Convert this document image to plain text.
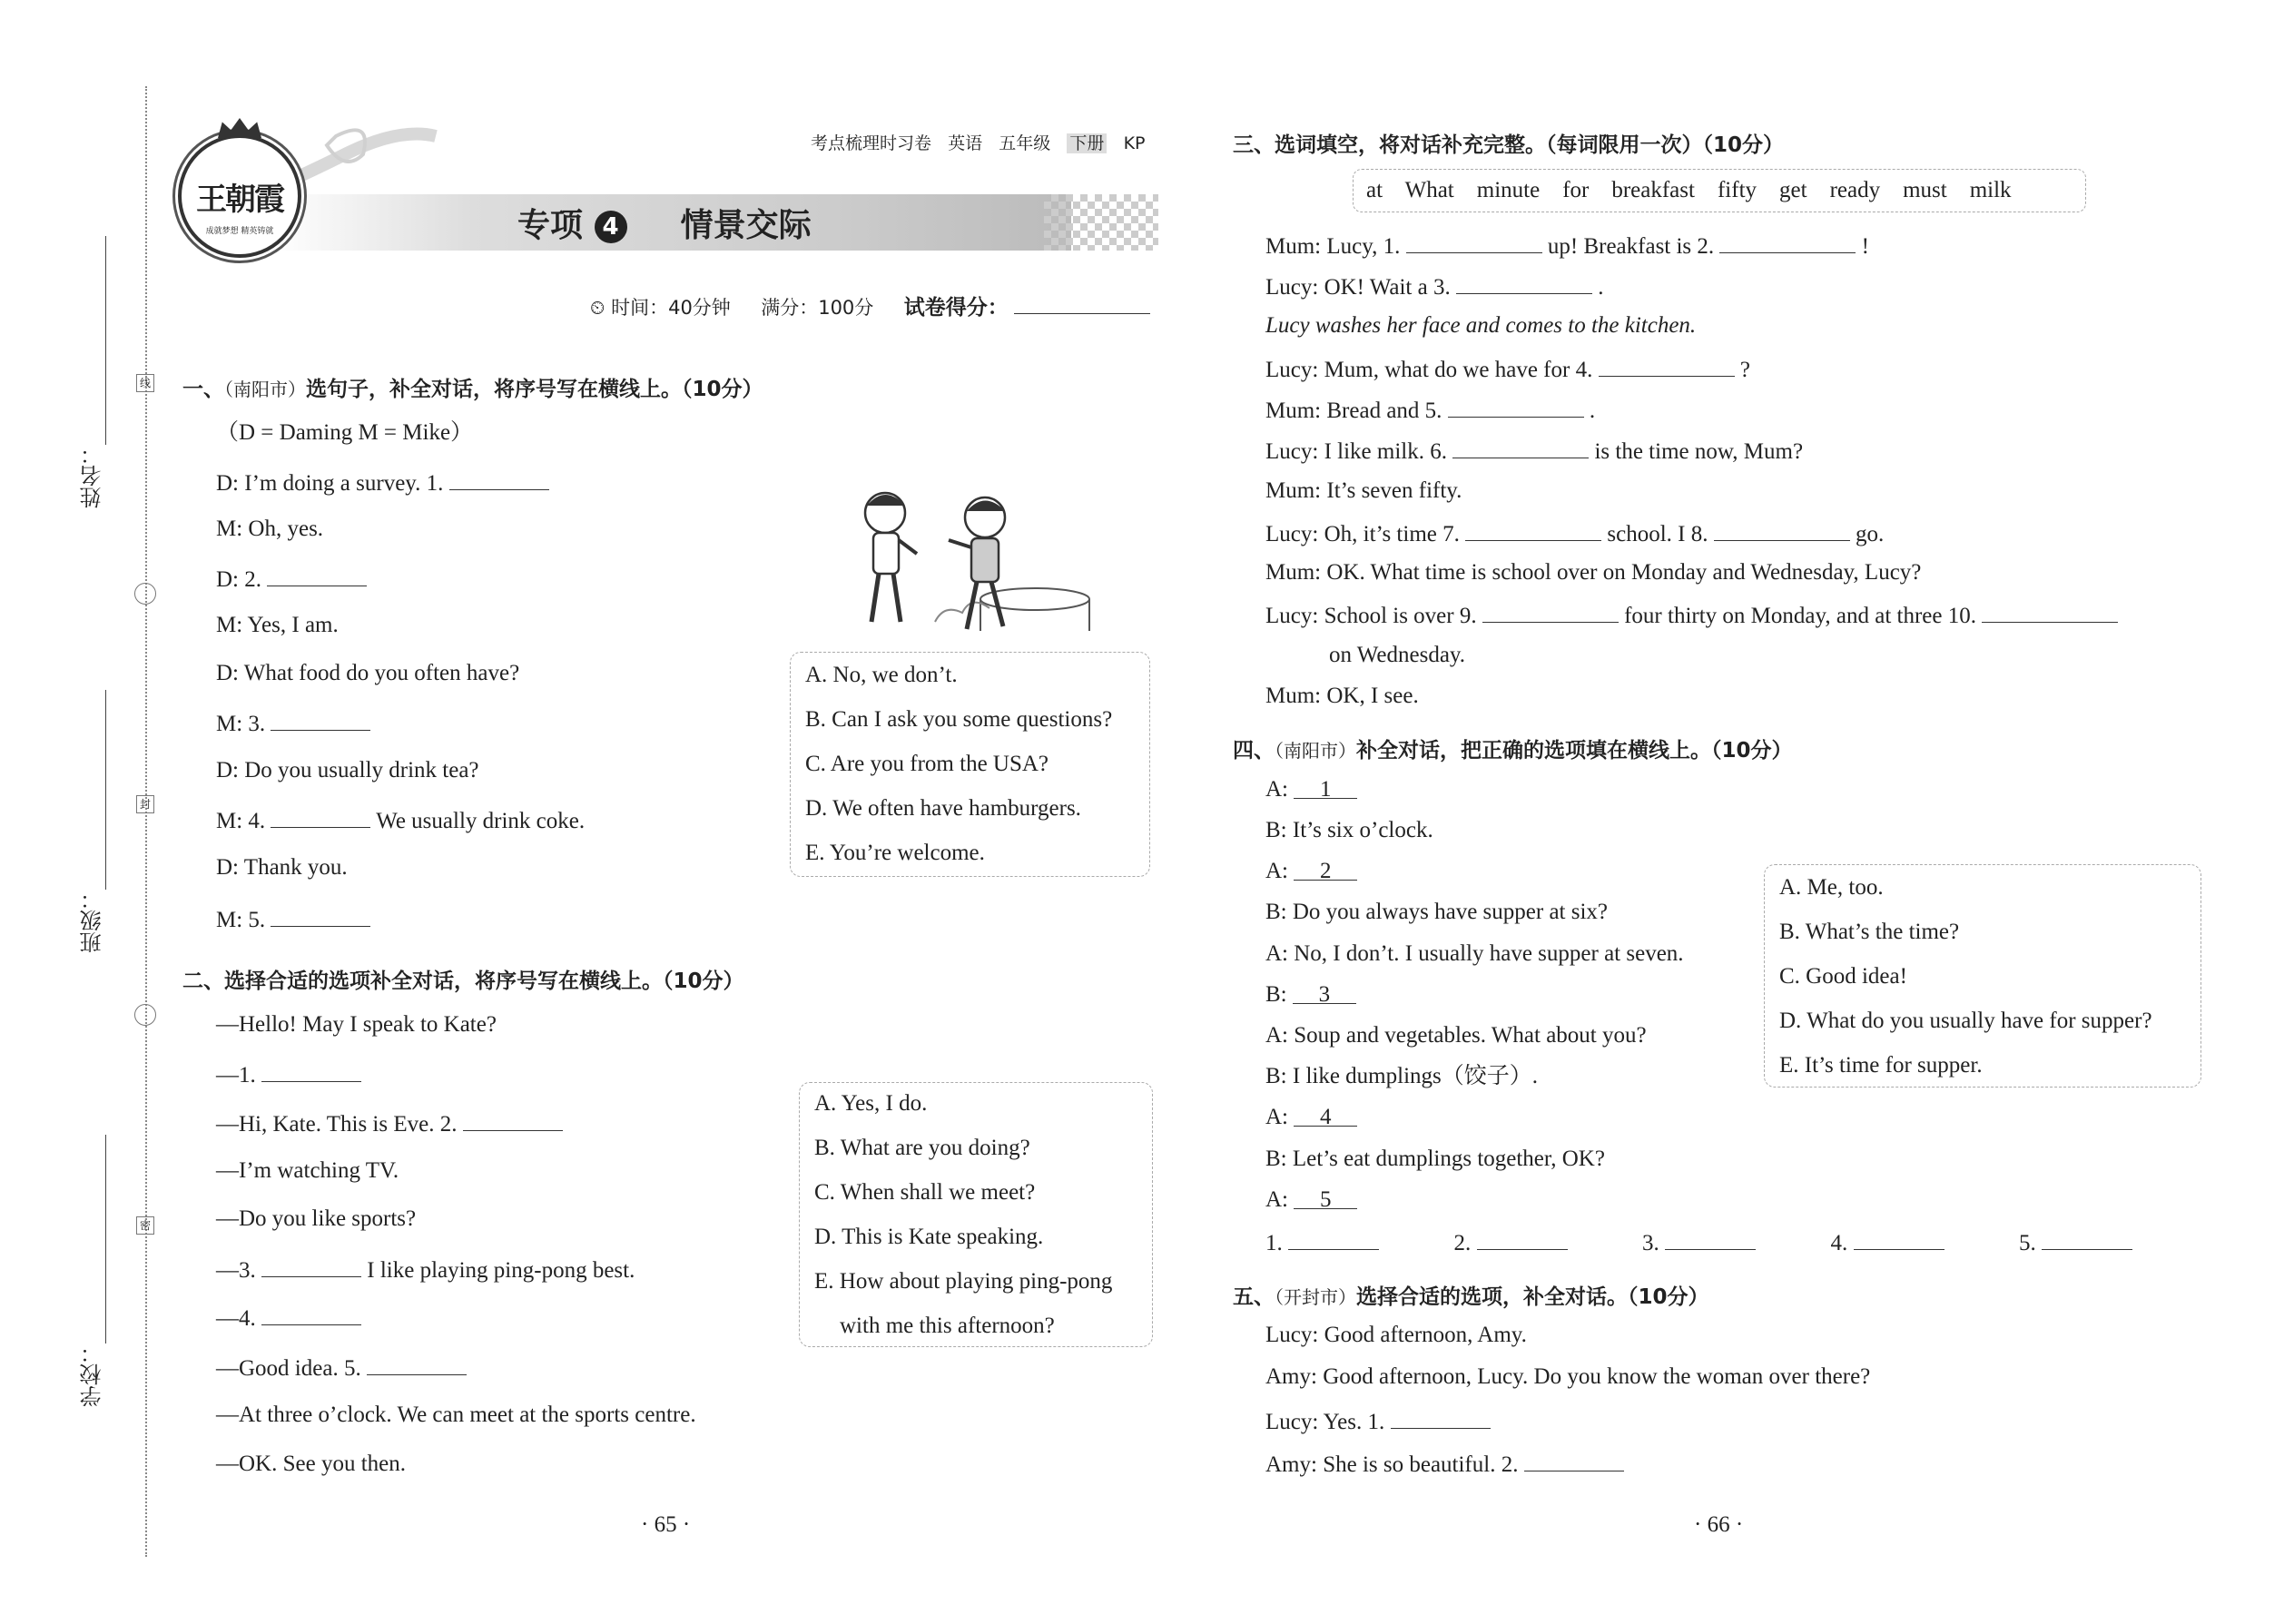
姓名：
班级：
学校：
线
封
密
王朝霞
成就梦想 精英铸就
考点梳理时习卷 英语 五年级 下册 KP
专项 4 情景交际
⏲ 时间：40分钟 满分：100分 试卷得分：
一、（南阳市）选句子，补全对话，将序号写在横线上。（10分）
（D = Daming M = Mike）
D: I’m doing a survey. 1.
M: Oh, yes.
D: 2.
M: Yes, I am.
D: What food do you often have?
M: 3.
D: Do you usually drink tea?
M: 4.	We usually drink coke.
D: Thank you.
M: 5.
A. No, we don’t.
B. Can I ask you some questions?
C. Are you from the USA?
D. We often have hamburgers.
E. You’re welcome.
二、选择合适的选项补全对话，将序号写在横线上。（10分）
—Hello! May I speak to Kate?
—1.
—Hi, Kate. This is Eve. 2.
—I’m watching TV.
—Do you like sports?
—3.	I like playing ping-pong best.
—4.
—Good idea. 5.
—At three o’clock. We can meet at the sports centre.
—OK. See you then.
A. Yes, I do.
B. What are you doing?
C. When shall we meet?
D. This is Kate speaking.
E. How about playing ping-pong
with me this afternoon?
· 65 ·
三、选词填空，将对话补充完整。（每词限用一次）（10分）
at What minute for breakfast fifty get ready must milk
Mum: Lucy, 1.	up! Breakfast is 2.	!
Lucy: OK! Wait a 3.	.
Lucy washes her face and comes to the kitchen.
Lucy: Mum, what do we have for 4.	?
Mum: Bread and 5.	.
Lucy: I like milk. 6.	is the time now, Mum?
Mum: It’s seven fifty.
Lucy: Oh, it’s time 7.	school. I 8.	go.
Mum: OK. What time is school over on Monday and Wednesday, Lucy?
Lucy: School is over 9.	four thirty on Monday, and at three 10.
on Wednesday.
Mum: OK, I see.
四、（南阳市）补全对话，把正确的选项填在横线上。（10分）
A: 1
B: It’s six o’clock.
A: 2
B: Do you always have supper at six?
A: No, I don’t. I usually have supper at seven.
B: 3
A: Soup and vegetables. What about you?
B: I like dumplings（饺子）.
A: 4
B: Let’s eat dumplings together, OK?
A: 5
1.	2.	3.	4.	5.
A. Me, too.
B. What’s the time?
C. Good idea!
D. What do you usually have for supper?
E. It’s time for supper.
五、（开封市）选择合适的选项，补全对话。（10分）
Lucy: Good afternoon, Amy.
Amy: Good afternoon, Lucy. Do you know the woman over there?
Lucy: Yes. 1.
Amy: She is so beautiful. 2.
· 66 ·
